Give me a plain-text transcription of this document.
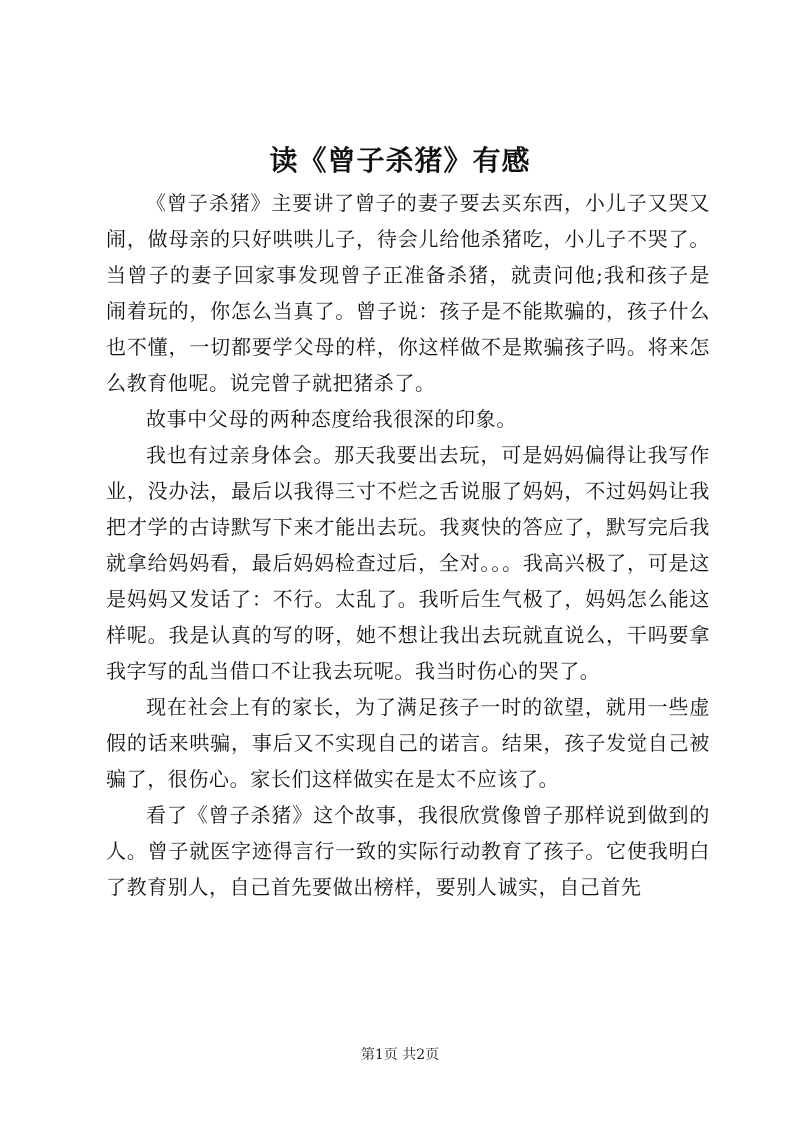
读《曾子杀猪》有感

《曾子杀猪》主要讲了曾子的妻子要去买东西，小儿子又哭又闹，做母亲的只好哄哄儿子，待会儿给他杀猪吃，小儿子不哭了。当曾子的妻子回家事发现曾子正准备杀猪，就责问他;我和孩子是闹着玩的，你怎么当真了。曾子说：孩子是不能欺骗的，孩子什么也不懂，一切都要学父母的样，你这样做不是欺骗孩子吗。将来怎么教育他呢。说完曾子就把猪杀了。

故事中父母的两种态度给我很深的印象。

我也有过亲身体会。那天我要出去玩，可是妈妈偏得让我写作业，没办法，最后以我得三寸不烂之舌说服了妈妈，不过妈妈让我把才学的古诗默写下来才能出去玩。我爽快的答应了，默写完后我就拿给妈妈看，最后妈妈检查过后，全对。。。我高兴极了，可是这是妈妈又发话了：不行。太乱了。我听后生气极了，妈妈怎么能这样呢。我是认真的写的呀，她不想让我出去玩就直说么，干吗要拿我字写的乱当借口不让我去玩呢。我当时伤心的哭了。

现在社会上有的家长，为了满足孩子一时的欲望，就用一些虚假的话来哄骗，事后又不实现自己的诺言。结果，孩子发觉自己被骗了，很伤心。家长们这样做实在是太不应该了。

看了《曾子杀猪》这个故事，我很欣赏像曾子那样说到做到的人。曾子就医字迹得言行一致的实际行动教育了孩子。它使我明白了教育别人，自己首先要做出榜样，要别人诚实，自己首先

第1页 共2页
